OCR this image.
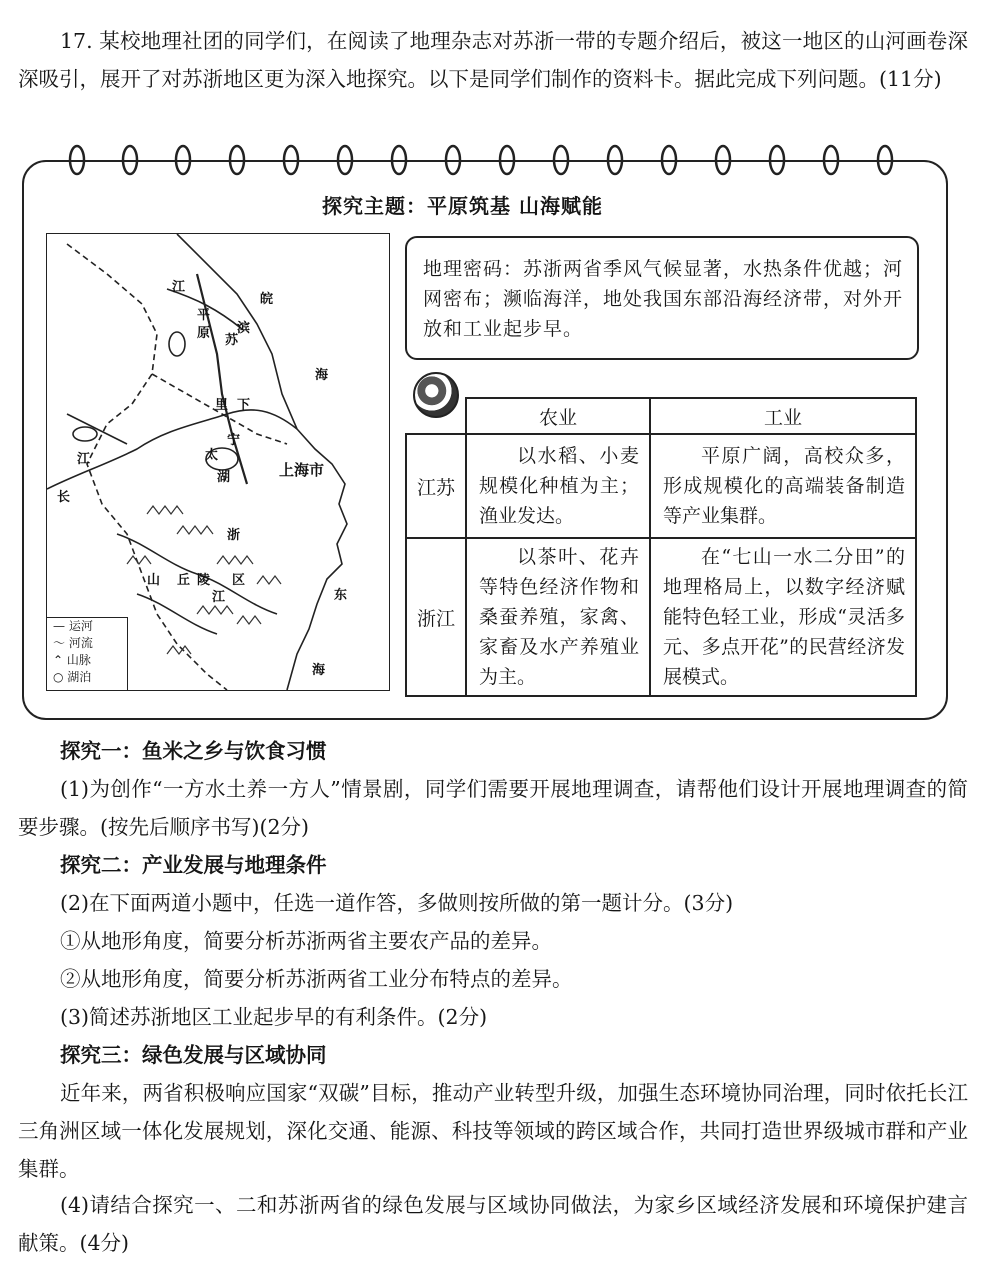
17. 某校地理社团的同学们，在阅读了地理杂志对苏浙一带的专题介绍后，被这一地区的山河画卷深深吸引，展开了对苏浙地区更为深入地探究。以下是同学们制作的资料卡。据此完成下列问题。(11分)

探究主题：平原筑基 山海赋能
江
皖
海
苏
滨
平
原
里 下
宁
长
江	太
湖	上海市
浙
江
山 丘 陵 区
东
海
— 运河
〜 河流
⌃ 山脉
○ 湖泊
地理密码：苏浙两省季风气候显著，水热条件优越；河网密布；濒临海洋，地处我国东部沿海经济带，对外开放和工业起步早。
	农业	工业
江苏	以水稻、小麦规模化种植为主；渔业发达。	平原广阔，高校众多，形成规模化的高端装备制造等产业集群。

浙江	以茶叶、花卉等特色经济作物和桑蚕养殖，家禽、家畜及水产养殖业为主。	在“七山一水二分田”的地理格局上，以数字经济赋能特色轻工业，形成“灵活多元、多点开花”的民营经济发展模式。

探究一：鱼米之乡与饮食习惯

(1)为创作“一方水土养一方人”情景剧，同学们需要开展地理调查，请帮他们设计开展地理调查的简要步骤。(按先后顺序书写)(2分)

探究二：产业发展与地理条件

(2)在下面两道小题中，任选一道作答，多做则按所做的第一题计分。(3分)

①从地形角度，简要分析苏浙两省主要农产品的差异。

②从地形角度，简要分析苏浙两省工业分布特点的差异。

(3)简述苏浙地区工业起步早的有利条件。(2分)

探究三：绿色发展与区域协同

近年来，两省积极响应国家“双碳”目标，推动产业转型升级，加强生态环境协同治理，同时依托长江三角洲区域一体化发展规划，深化交通、能源、科技等领域的跨区域合作，共同打造世界级城市群和产业集群。

(4)请结合探究一、二和苏浙两省的绿色发展与区域协同做法，为家乡区域经济发展和环境保护建言献策。(4分)
